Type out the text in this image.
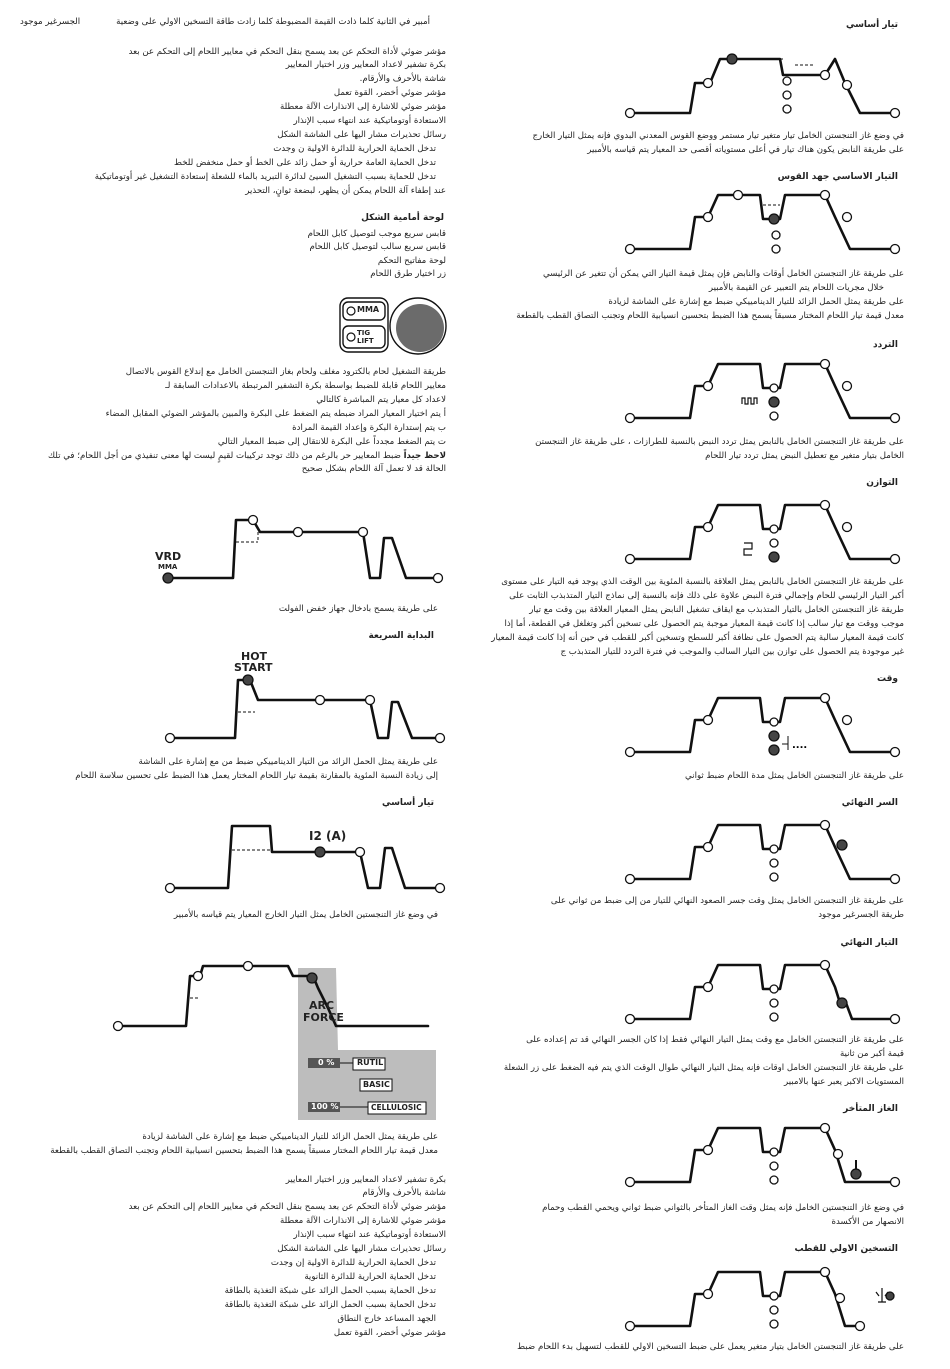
أمبير في الثانية كلما ذادت القيمة المضبوطة كلما زادت طاقة التسخين الاولي على وضعية
الجسرغير موجود
مؤشر ضوئي لأداة التحكم عن بعد يسمح بنقل التحكم في معايير اللحام إلى التحكم عن بعد
بكرة تشفير لاعداد المعايير وزر اختيار المعايير
شاشة بالأحرف والأرقام.
مؤشر ضوئي أخضر، القوة تعمل
مؤشر ضوئي للاشارة إلى الانذارات الآلة معطلة
الاستعادة أوتوماتيكية عند انتهاء سبب الإنذار
رسائل تحذيرات مشار اليها على الشاشة الشكل
تدخل الحماية الحرارية للدائرة الاولية ن وجدت
تدخل الحماية العامة حرارية أو حمل زائد على الخط أو حمل منخفض للخط
تدخل للحماية بسبب التشغيل السيئ لدائرة التبريد بالماء للشعلة إستعادة التشغيل غير أوتوماتيكية
عند إطفاء آلة اللحام يمكن أن يظهر، لبضعة ثوانٍ، التحذير
لوحة أمامية الشكل
قابس سريع موجب لتوصيل كابل اللحام
قابس سريع سالب لتوصيل كابل اللحام
لوحة مفاتيح التحكم
زر اختيار طرق اللحام
MMA
TIG
LIFT
طريقة التشغيل لحام بالكترود مغلف ولحام بغاز التنجستن الخامل مع إندلاع القوس بالاتصال
معايير اللحام قابلة للضبط بواسطة بكرة التشفير المرتبطة بالاعدادات السابقة لـ
لاعداد كل معيار يتم المباشرة كالتالي
أ يتم اختيار المعيار المراد ضبطه يتم الضغط على البكرة والمبين بالمؤشر الضوئي المقابل المضاء
ب يتم إستدارة البكرة وإعداد القيمة المرادة
ت يتم الضغط مجدداً على البكرة للانتقال إلى ضبط المعيار التالي
لاحظ جيداً ضبط المعايير حر بالرغم من ذلك توجد تركيبات لقيمٍ ليست لها معنى تنفيذي من أجل اللحام؛ في تلك
الحالة قد لا تعمل آلة اللحام بشكل صحيح
VRD
MMA
على طريقة يسمح بادخال جهاز خفض الفولت
البداية السريعة
HOT
START
على طريقة يمثل الحمل الزائد من التيار الدينامييكي ضبط من مع إشارة على الشاشة
إلى زيادة النسبة المئوية بالمقارنة بقيمة تيار اللحام المختار يعمل هذا الضبط على تحسين سلاسة اللحام
تيار أساسي
I2 (A)
في وضع غاز التنجستين الخامل يمثل التيار الخارج المعيار يتم قياسه بالأمبير
ARC
FORCE
0 %	RUTIL
BASIC
100 %	CELLULOSIC
على طريقة يمثل الحمل الزائد للتيار الدينامييكي ضبط مع إشارة على الشاشة لزيادة
معدل قيمة تيار اللحام المختار مسبقاً يسمح هذا الضبط بتحسين انسيابية اللحام وتجنب التصاق القطب بالقطعة
بكرة تشفير لاعداد المعايير وزر اختيار المعايير
شاشة بالأحرف والأرقام
مؤشر ضوئي لأداة التحكم عن بعد يسمح بنقل التحكم في معايير اللحام إلى التحكم عن بعد
مؤشر ضوئي للاشارة إلى الانذارات الآلة معطلة
الاستعادة أوتوماتيكية عند انتهاء سبب الإنذار
رسائل تحذيرات مشار اليها على الشاشة الشكل
تدخل الحماية الحرارية للدائرة الاولية إن وجدت
تدخل الحماية الحرارية للدائرة الثانوية
تدخل الحماية بسبب الحمل الزائد على شبكة التغذية بالطاقة
تدخل الحماية بسبب الحمل الزائد على شبكة التغذية بالطاقة
الجهد المساعد خارج النطاق
مؤشر ضوئي أخضر، القوة تعمل
تيار أساسي
في وضع غاز التنجستن الخامل تيار متغير تيار مستمر ووضع القوس المعدني البدوي فإنه يمثل التيار الخارج
على طريقة النابض يكون هناك تيار في أعلى مستوياته أقصى حد المعيار يتم قياسه بالأمبير
التيار الاساسي جهد القوس
على طريقة غاز التنجستن الخامل أوقات والنابض فإن يمثل قيمة التيار التي يمكن أن تتغير عن الرئيسي
خلال مجريات اللحام يتم التعبير عن القيمة بالأمبير
على طريقة يمثل الحمل الزائد للتيار الدينامييكي ضبط مع إشارة على الشاشة لزيادة
معدل قيمة تيار اللحام المختار مسبقاً يسمح هذا الضبط بتحسين انسيابية اللحام وتجنب التصاق القطب بالقطعة
التردد
على طريقة غاز التنجستن الخامل بالنابض يمثل تردد النبض بالنسبة للطرازات ، على طريقة غاز التنجستن
الخامل بتيار متغير مع تعطيل النبض يمثل تردد تيار اللحام
التوازن
على طريقة غاز التنجستن الخامل بالنابض يمثل العلاقة بالنسبة المئوية بين الوقت الذي يوجد فيه التيار على مستوى
أكبر التيار الرئيسي للحام وإجمالي فترة النبض علاوة على ذلك فإنه بالنسبة إلى نماذج التيار المتذبذب الثابت على
طريقة غاز التنجستن الخامل بالتيار المتذبذب مع ايقاف تشغيل النابض يمثل المعيار العلاقة بين وقت مع تيار
موجب ووقت مع تيار سالب إذا كانت قيمة المعيار موجبة يتم الحصول على تسخين أكبر وتغلغل في القطعة، أما إذا
كانت قيمة المعيار سالبة يتم الحصول على نظافة أكبر للسطح وتسخين أكبر للقطب في حين أنه إذا كانت قيمة المعيار
غير موجودة يتم الحصول على توازن بين التيار السالب والموجب في فترة التردد للتيار المتذبذب ج
وقت
....
على طريقة غاز التنجستن الخامل يمثل مدة اللحام ضبط ثواني
السر النهائي
على طريقة غاز التنجستن الخامل يمثل وقت جسر الصعود النهائي للتيار من إلى ضبط من ثواني على
طريقة الجسرغير موجود
التيار النهائي
على طريقة غاز التنجستن الخامل مع وقت يمثل التيار النهائي فقط إذا كان الجسر النهائي قد تم إعداده على
قيمة أكبر من ثانية
على طريقة غاز التنجستن الخامل اوقات فإنه يمثل التيار النهائي طوال الوقت الذي يتم فيه الضغط على زر الشعلة
المستويات الاكبر يعبر عنها بالامبير
الغاز المتأخر
في وضع غاز التنجستين الخامل فإنه يمثل وقت الغاز المتأخر بالثواني ضبط ثواني ويحمي القطب وحمام
الانصهار من الأكسدة
التسخين الاولي للقطب
على طريقة غاز التنجستن الخامل بتيار متغير يعمل على ضبط التسخين الاولي للقطب لتسهيل بدء اللحام ضبط
